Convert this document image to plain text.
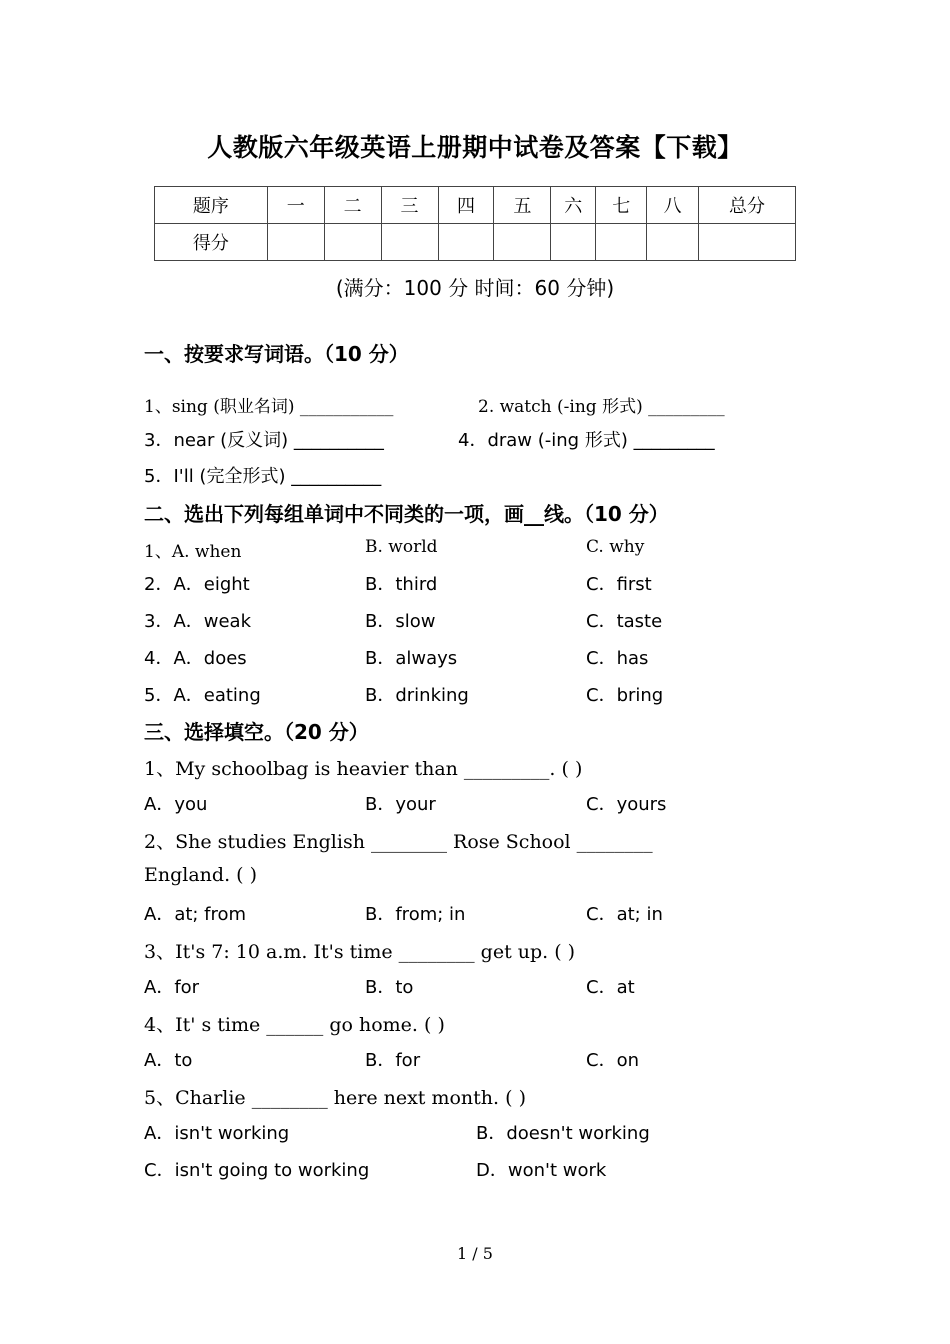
人教版六年级英语上册期中试卷及答案【下载】
题序	一	二	三	四	五	六	七	八	总分
得分									
(满分：100 分 时间：60 分钟)
一、按要求写词语。（10 分）
1、sing (职业名词) ___________	2. watch (-ing 形式) _________
3．near (反义词) __________	4．draw (-ing 形式) _________
5．I'll (完全形式) __________
二、选出下列每组单词中不同类的一项，画__线。（10 分）
1、A. when	B. world	C. why
2．A．eight	B．third	C．first
3．A．weak	B．slow	C．taste
4．A．does	B．always	C．has
5．A．eating	B．drinking	C．bring
三、选择填空。（20 分）
1、My schoolbag is heavier than _________. ( )
A．you	B．your	C．yours
2、She studies English ________ Rose School ________
England. ( )
A．at; from	B．from; in	C．at; in
3、It's 7: 10 a.m. It's time ________ get up. ( )
A．for	B．to	C．at
4、It' s time ______ go home. ( )
A．to	B．for	C．on
5、Charlie ________ here next month. ( )
A．isn't working	B．doesn't working
C．isn't going to working	D．won't work
1 / 5
